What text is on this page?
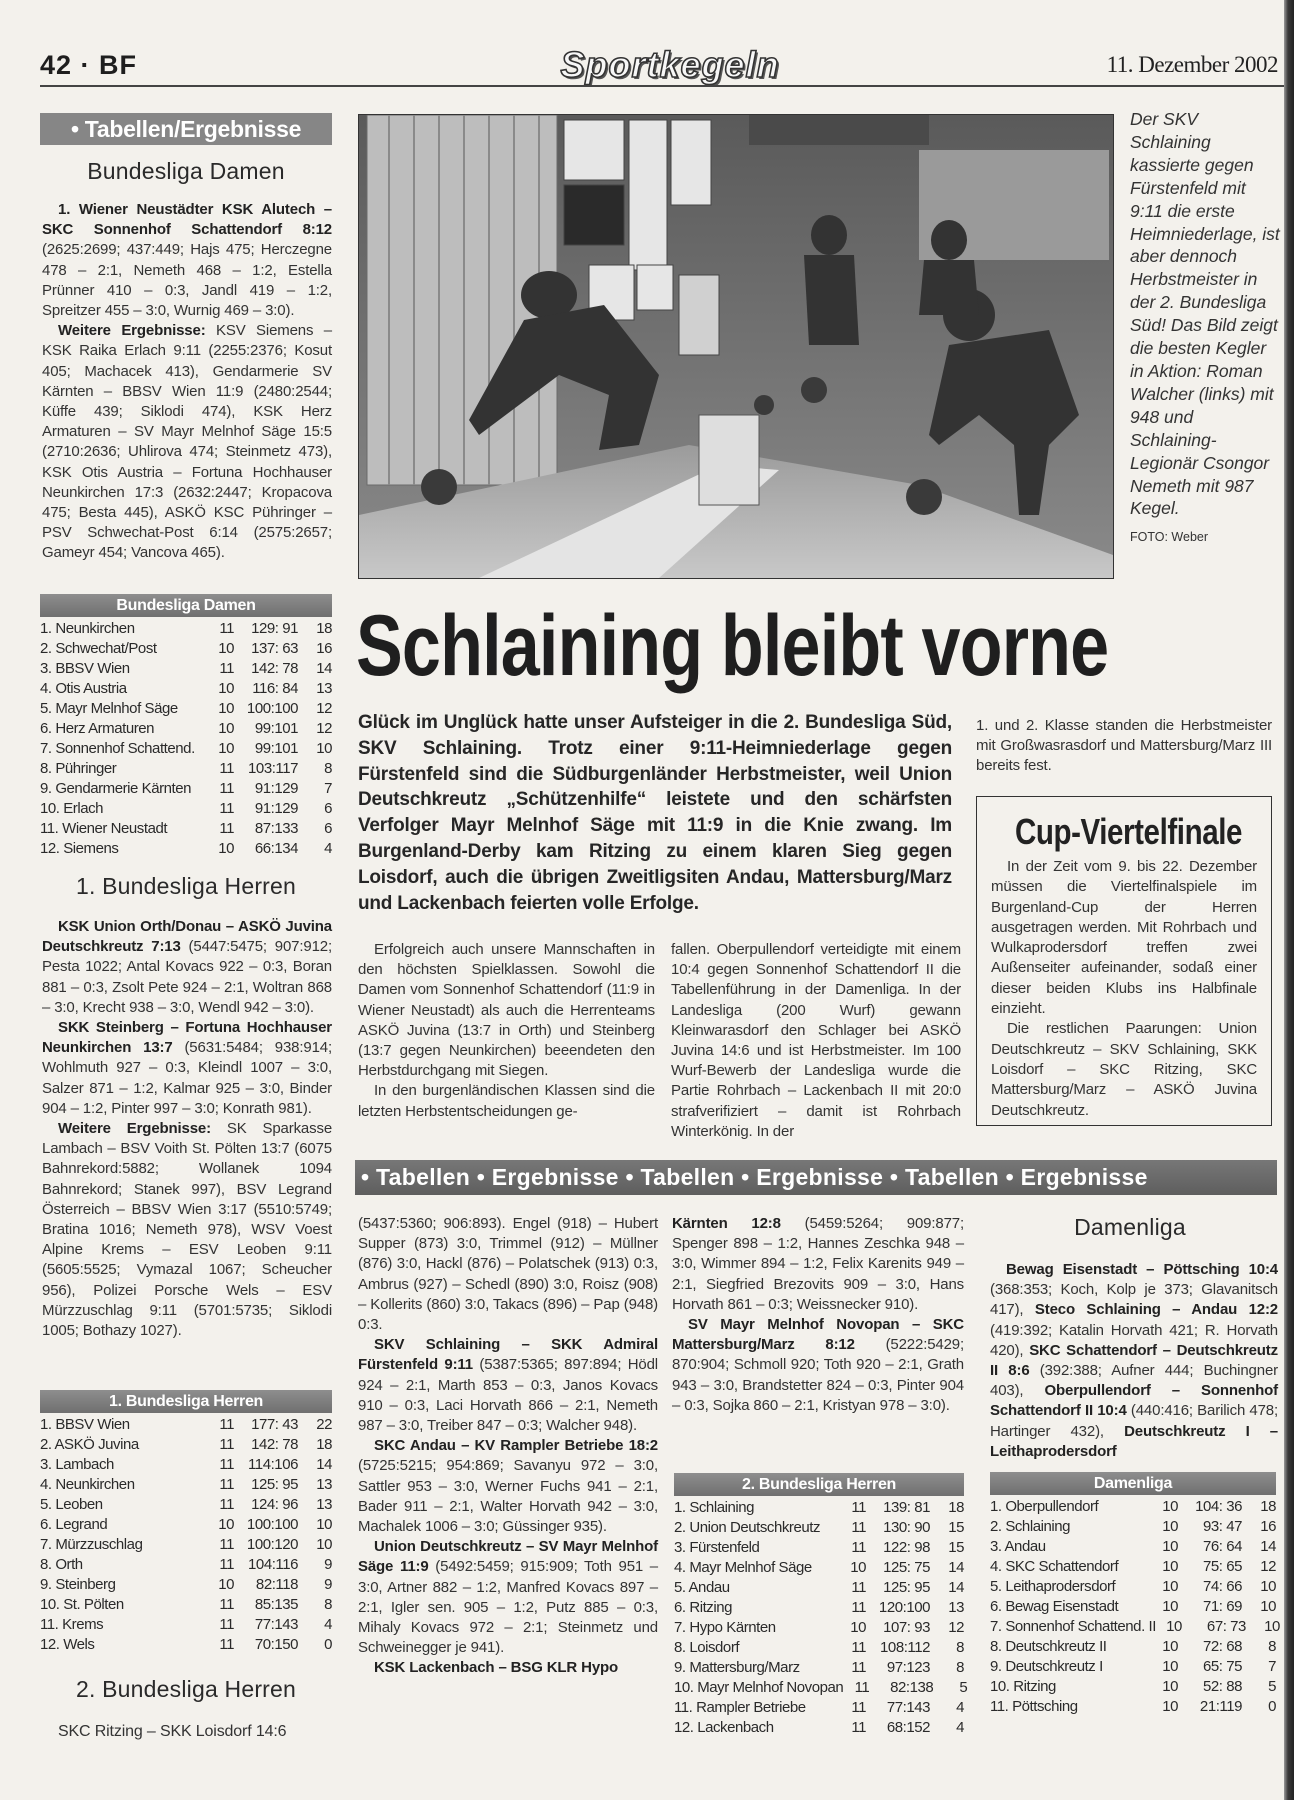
42 · BF	Sportkegeln	11. Dezember 2002
• Tabellen/Ergebnisse
Bundesliga Damen

1. Wiener Neustädter KSK Alutech – SKC Sonnenhof Schattendorf 8:12 (2625:2699; 437:449; Hajs 475; Herczegne 478 – 2:1, Nemeth 468 – 1:2, Estella Prünner 410 – 0:3, Jandl 419 – 1:2, Spreitzer 455 – 3:0, Wurnig 469 – 3:0).

Weitere Ergebnisse: KSV Siemens – KSK Raika Erlach 9:11 (2255:2376; Kosut 405; Machacek 413), Gendarmerie SV Kärnten – BBSV Wien 11:9 (2480:2544; Küffe 439; Siklodi 474), KSK Herz Armaturen – SV Mayr Melnhof Säge 15:5 (2710:2636; Uhlirova 474; Steinmetz 473), KSK Otis Austria – Fortuna Hochhauser Neunkirchen 17:3 (2632:2447; Kropacova 475; Besta 445), ASKÖ KSC Pühringer – PSV Schwechat-Post 6:14 (2575:2657; Gameyr 454; Vancova 465).

Bundesliga Damen
1. Neunkirchen	11	129: 91	18
2. Schwechat/Post	10	137: 63	16
3. BBSV Wien	11	142: 78	14
4. Otis Austria	10	116: 84	13
5. Mayr Melnhof Säge	10 100:100	12
6. Herz Armaturen	10	99:101	12
7. Sonnenhof Schattend.	10	99:101	10
8. Pühringer	11 103:117	8
9. Gendarmerie Kärnten	11	91:129	7
10. Erlach	11	91:129	6
11. Wiener Neustadt	11	87:133	6
12. Siemens	10	66:134	4
1. Bundesliga Herren

KSK Union Orth/Donau – ASKÖ Juvina Deutschkreutz 7:13 (5447:5475; 907:912; Pesta 1022; Antal Kovacs 922 – 0:3, Boran 881 – 0:3, Zsolt Pete 924 – 2:1, Woltran 868 – 3:0, Krecht 938 – 3:0, Wendl 942 – 3:0).

SKK Steinberg – Fortuna Hochhauser Neunkirchen 13:7 (5631:5484; 938:914; Wohlmuth 927 – 0:3, Kleindl 1007 – 3:0, Salzer 871 – 1:2, Kalmar 925 – 3:0, Binder 904 – 1:2, Pinter 997 – 3:0; Konrath 981).

Weitere Ergebnisse: SK Sparkasse Lambach – BSV Voith St. Pölten 13:7 (6075 Bahnrekord:5882; Wollanek 1094 Bahnrekord; Stanek 997), BSV Legrand Österreich – BBSV Wien 3:17 (5510:5749; Bratina 1016; Nemeth 978), WSV Voest Alpine Krems – ESV Leoben 9:11 (5605:5525; Vymazal 1067; Scheucher 956), Polizei Porsche Wels – ESV Mürzzuschlag 9:11 (5701:5735; Siklodi 1005; Bothazy 1027).

1. Bundesliga Herren
1. BBSV Wien	11	177: 43	22
2. ASKÖ Juvina	11	142: 78	18
3. Lambach	11 114:106	14
4. Neunkirchen	11	125: 95	13
5. Leoben	11	124: 96	13
6. Legrand	10 100:100	10
7. Mürzzuschlag	11 100:120	10
8. Orth	11 104:116	9
9. Steinberg	10	82:118	9
10. St. Pölten	11	85:135	8
11. Krems	11	77:143	4
12. Wels	11	70:150	0
2. Bundesliga Herren

SKC Ritzing – SKK Loisdorf 14:6

Der SKV Schlaining kassierte gegen Fürstenfeld mit 9:11 die erste Heimniederlage, ist aber dennoch Herbstmeister in der 2. Bundesliga Süd! Das Bild zeigt die besten Kegler in Aktion: Roman Walcher (links) mit 948 und Schlaining-Legionär Csongor Nemeth mit 987 Kegel.
FOTO: Weber
Schlaining bleibt vorne
Glück im Unglück hatte unser Aufsteiger in die 2. Bundesliga Süd, SKV Schlaining. Trotz einer 9:11-Heimniederlage gegen Fürstenfeld sind die Südburgenländer Herbstmeister, weil Union Deutschkreutz „Schützenhilfe“ leistete und den schärfsten Verfolger Mayr Melnhof Säge mit 11:9 in die Knie zwang. Im Burgenland-Derby kam Ritzing zu einem klaren Sieg gegen Loisdorf, auch die übrigen Zweitligsiten Andau, Mattersburg/Marz und Lackenbach feierten volle Erfolge.

Erfolgreich auch unsere Mannschaften in den höchsten Spielklassen. Sowohl die Damen vom Sonnenhof Schattendorf (11:9 in Wiener Neustadt) als auch die Herrenteams ASKÖ Juvina (13:7 in Orth) und Steinberg (13:7 gegen Neunkirchen) beeendeten den Herbstdurchgang mit Siegen.

In den burgenländischen Klassen sind die letzten Herbstentscheidungen ge-

fallen. Oberpullendorf verteidigte mit einem 10:4 gegen Sonnenhof Schattendorf II die Tabellenführung in der Damenliga. In der Landesliga (200 Wurf) gewann Kleinwarasdorf den Schlager bei ASKÖ Juvina 14:6 und ist Herbstmeister. Im 100 Wurf-Bewerb der Landesliga wurde die Partie Rohrbach – Lackenbach II mit 20:0 strafverifiziert – damit ist Rohrbach Winterkönig. In der

1. und 2. Klasse standen die Herbstmeister mit Großwasrasdorf und Mattersburg/Marz III bereits fest.

Cup-Viertelfinale

In der Zeit vom 9. bis 22. Dezember müssen die Viertelfinalspiele im Burgenland-Cup der Herren ausgetragen werden. Mit Rohrbach und Wulkaprodersdorf treffen zwei Außenseiter aufeinander, sodaß einer dieser beiden Klubs ins Halbfinale einzieht.

Die restlichen Paarungen: Union Deutschkreutz – SKV Schlaining, SKK Loisdorf – SKC Ritzing, SKC Mattersburg/Marz – ASKÖ Juvina Deutschkreutz.

• Tabellen • Ergebnisse • Tabellen • Ergebnisse • Tabellen • Ergebnisse

(5437:5360; 906:893). Engel (918) – Hubert Supper (873) 3:0, Trimmel (912) – Müllner (876) 3:0, Hackl (876) – Polatschek (913) 0:3, Ambrus (927) – Schedl (890) 3:0, Roisz (908) – Kollerits (860) 3:0, Takacs (896) – Pap (948) 0:3.

SKV Schlaining – SKK Admiral Fürstenfeld 9:11 (5387:5365; 897:894; Hödl 924 – 2:1, Marth 853 – 0:3, Janos Kovacs 910 – 0:3, Laci Horvath 866 – 2:1, Nemeth 987 – 3:0, Treiber 847 – 0:3; Walcher 948).

SKC Andau – KV Rampler Betriebe 18:2 (5725:5215; 954:869; Savanyu 972 – 3:0, Sattler 953 – 3:0, Werner Fuchs 941 – 2:1, Bader 911 – 2:1, Walter Horvath 942 – 3:0, Machalek 1006 – 3:0; Güssinger 935).

Union Deutschkreutz – SV Mayr Melnhof Säge 11:9 (5492:5459; 915:909; Toth 951 – 3:0, Artner 882 – 1:2, Manfred Kovacs 897 – 2:1, Igler sen. 905 – 1:2, Putz 885 – 0:3, Mihaly Kovacs 972 – 2:1; Steinmetz und Schweinegger je 941).

KSK Lackenbach – BSG KLR Hypo

Kärnten 12:8 (5459:5264; 909:877; Spenger 898 – 1:2, Hannes Zeschka 948 – 3:0, Wimmer 894 – 1:2, Felix Karenits 949 – 2:1, Siegfried Brezovits 909 – 3:0, Hans Horvath 861 – 0:3; Weissnecker 910).

SV Mayr Melnhof Novopan – SKC Mattersburg/Marz 8:12 (5222:5429; 870:904; Schmoll 920; Toth 920 – 2:1, Grath 943 – 3:0, Brandstetter 824 – 0:3, Pinter 904 – 0:3, Sojka 860 – 2:1, Kristyan 978 – 3:0).

2. Bundesliga Herren
1. Schlaining	11	139: 81	18
2. Union Deutschkreutz	11	130: 90	15
3. Fürstenfeld	11	122: 98	15
4. Mayr Melnhof Säge	10	125: 75	14
5. Andau	11	125: 95	14
6. Ritzing	11 120:100	13
7. Hypo Kärnten	10	107: 93	12
8. Loisdorf	11 108:112	8
9. Mattersburg/Marz	11	97:123	8
10. Mayr Melnhof Novopan 11	82:138	5
11. Rampler Betriebe	11	77:143	4
12. Lackenbach	11	68:152	4
Damenliga

Bewag Eisenstadt – Pöttsching 10:4 (368:353; Koch, Kolp je 373; Glavanitsch 417), Steco Schlaining – Andau 12:2 (419:392; Katalin Horvath 421; R. Horvath 420), SKC Schattendorf – Deutschkreutz II 8:6 (392:388; Aufner 444; Buchingner 403), Oberpullendorf – Sonnenhof Schattendorf II 10:4 (440:416; Barilich 478; Hartinger 432), Deutschkreutz I – Leithaprodersdorf

Damenliga
1. Oberpullendorf	10	104: 36	18
2. Schlaining	10	93: 47	16
3. Andau	10	76: 64	14
4. SKC Schattendorf	10	75: 65	12
5. Leithaprodersdorf	10	74: 66	10
6. Bewag Eisenstadt	10	71: 69	10
7. Sonnenhof Schattend. II 10	67: 73	10
8. Deutschkreutz II	10	72: 68	8
9. Deutschkreutz I	10	65: 75	7
10. Ritzing	10	52: 88	5
11. Pöttsching	10	21:119	0
